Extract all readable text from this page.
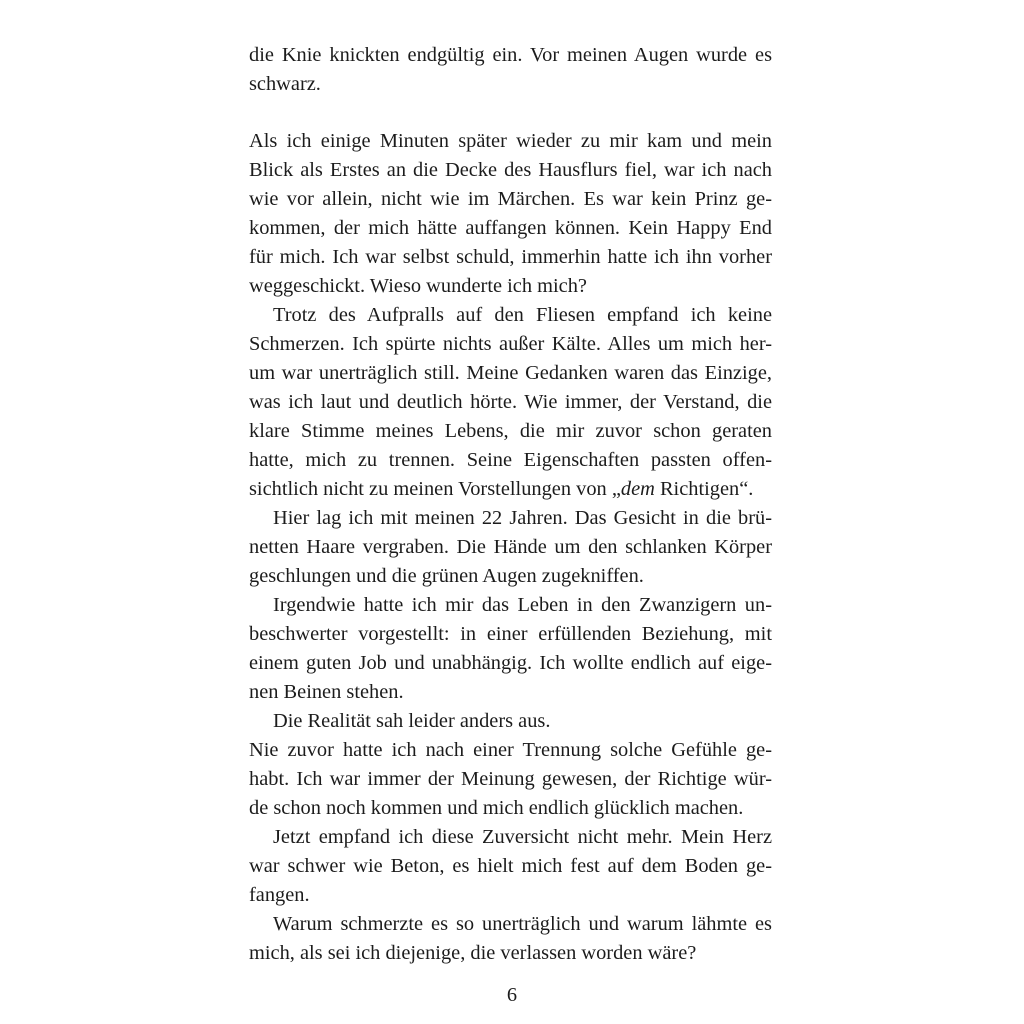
die Knie knickten endgültig ein. Vor meinen Augen wurde es
schwarz.
Als ich einige Minuten später wieder zu mir kam und mein
Blick als Erstes an die Decke des Hausflurs fiel, war ich nach
wie vor allein, nicht wie im Märchen. Es war kein Prinz ge-
kommen, der mich hätte auffangen können. Kein Happy End
für mich. Ich war selbst schuld, immerhin hatte ich ihn vorher
weggeschickt. Wieso wunderte ich mich?
Trotz des Aufpralls auf den Fliesen empfand ich keine
Schmerzen. Ich spürte nichts außer Kälte. Alles um mich her-
um war unerträglich still. Meine Gedanken waren das Einzige,
was ich laut und deutlich hörte. Wie immer, der Verstand, die
klare Stimme meines Lebens, die mir zuvor schon geraten
hatte, mich zu trennen. Seine Eigenschaften passten offen-
sichtlich nicht zu meinen Vorstellungen von „dem Richtigen“.
Hier lag ich mit meinen 22 Jahren. Das Gesicht in die brü-
netten Haare vergraben. Die Hände um den schlanken Körper
geschlungen und die grünen Augen zugekniffen.
Irgendwie hatte ich mir das Leben in den Zwanzigern un-
beschwerter vorgestellt: in einer erfüllenden Beziehung, mit
einem guten Job und unabhängig. Ich wollte endlich auf eige-
nen Beinen stehen.
Die Realität sah leider anders aus.
Nie zuvor hatte ich nach einer Trennung solche Gefühle ge-
habt. Ich war immer der Meinung gewesen, der Richtige wür-
de schon noch kommen und mich endlich glücklich machen.
Jetzt empfand ich diese Zuversicht nicht mehr. Mein Herz
war schwer wie Beton, es hielt mich fest auf dem Boden ge-
fangen.
Warum schmerzte es so unerträglich und warum lähmte es
mich, als sei ich diejenige, die verlassen worden wäre?
6
